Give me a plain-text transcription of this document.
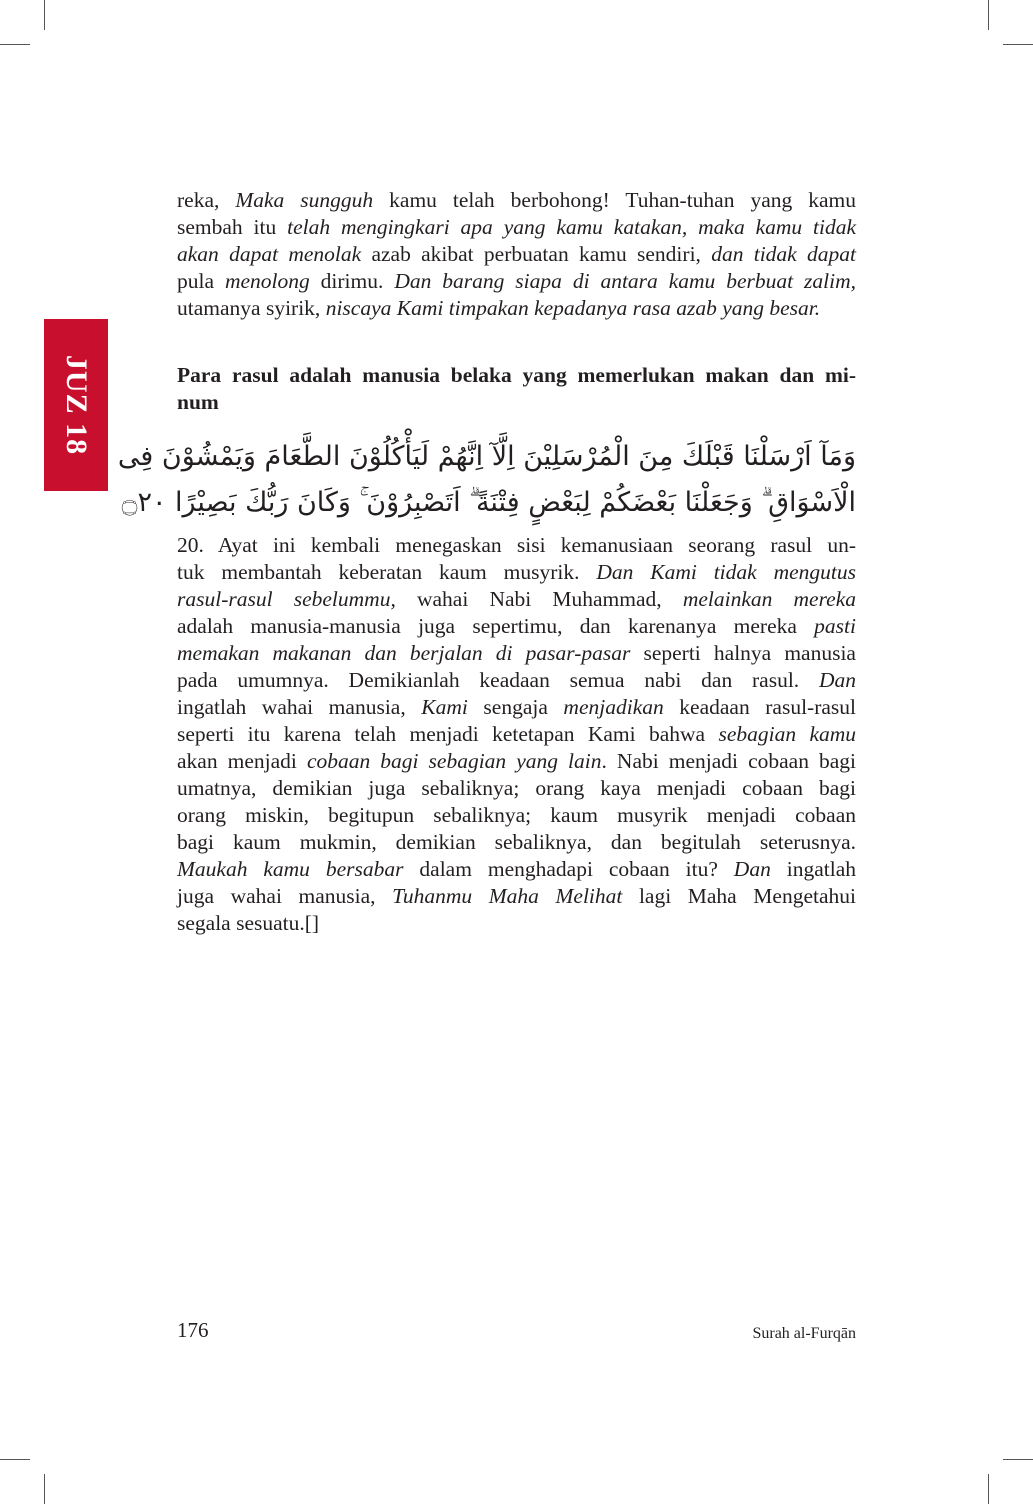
JUZ 18
reka, Maka sungguh kamu telah berbohong! Tuhan-tuhan yang kamu
sembah itu telah mengingkari apa yang kamu katakan, maka kamu tidak
akan dapat menolak azab akibat perbuatan kamu sendiri, dan tidak dapat
pula menolong dirimu. Dan barang siapa di antara kamu berbuat zalim,
utamanya syirik, niscaya Kami timpakan kepadanya rasa azab yang besar.
Para rasul adalah manusia belaka yang memerlukan makan dan mi-
num
وَمَآ اَرْسَلْنَا قَبْلَكَ مِنَ الْمُرْسَلِيْنَ اِلَّآ اِنَّهُمْ لَيَأْكُلُوْنَ الطَّعَامَ وَيَمْشُوْنَ فِى
الْاَسْوَاقِ ۗ وَجَعَلْنَا بَعْضَكُمْ لِبَعْضٍ فِتْنَةً ۗ اَتَصْبِرُوْنَ ۚ وَكَانَ رَبُّكَ بَصِيْرًا ۝٢٠
20. Ayat ini kembali menegaskan sisi kemanusiaan seorang rasul un-
tuk membantah keberatan kaum musyrik. Dan Kami tidak mengutus
rasul-rasul sebelummu, wahai Nabi Muhammad, melainkan mereka
adalah manusia-manusia juga sepertimu, dan karenanya mereka pasti
memakan makanan dan berjalan di pasar-pasar seperti halnya manusia
pada umumnya. Demikianlah keadaan semua nabi dan rasul. Dan
ingatlah wahai manusia, Kami sengaja menjadikan keadaan rasul-rasul
seperti itu karena telah menjadi ketetapan Kami bahwa sebagian kamu
akan menjadi cobaan bagi sebagian yang lain. Nabi menjadi cobaan bagi
umatnya, demikian juga sebaliknya; orang kaya menjadi cobaan bagi
orang miskin, begitupun sebaliknya; kaum musyrik menjadi cobaan
bagi kaum mukmin, demikian sebaliknya, dan begitulah seterusnya.
Maukah kamu bersabar dalam menghadapi cobaan itu? Dan ingatlah
juga wahai manusia, Tuhanmu Maha Melihat lagi Maha Mengetahui
segala sesuatu.[]
176	Surah al-Furqān
